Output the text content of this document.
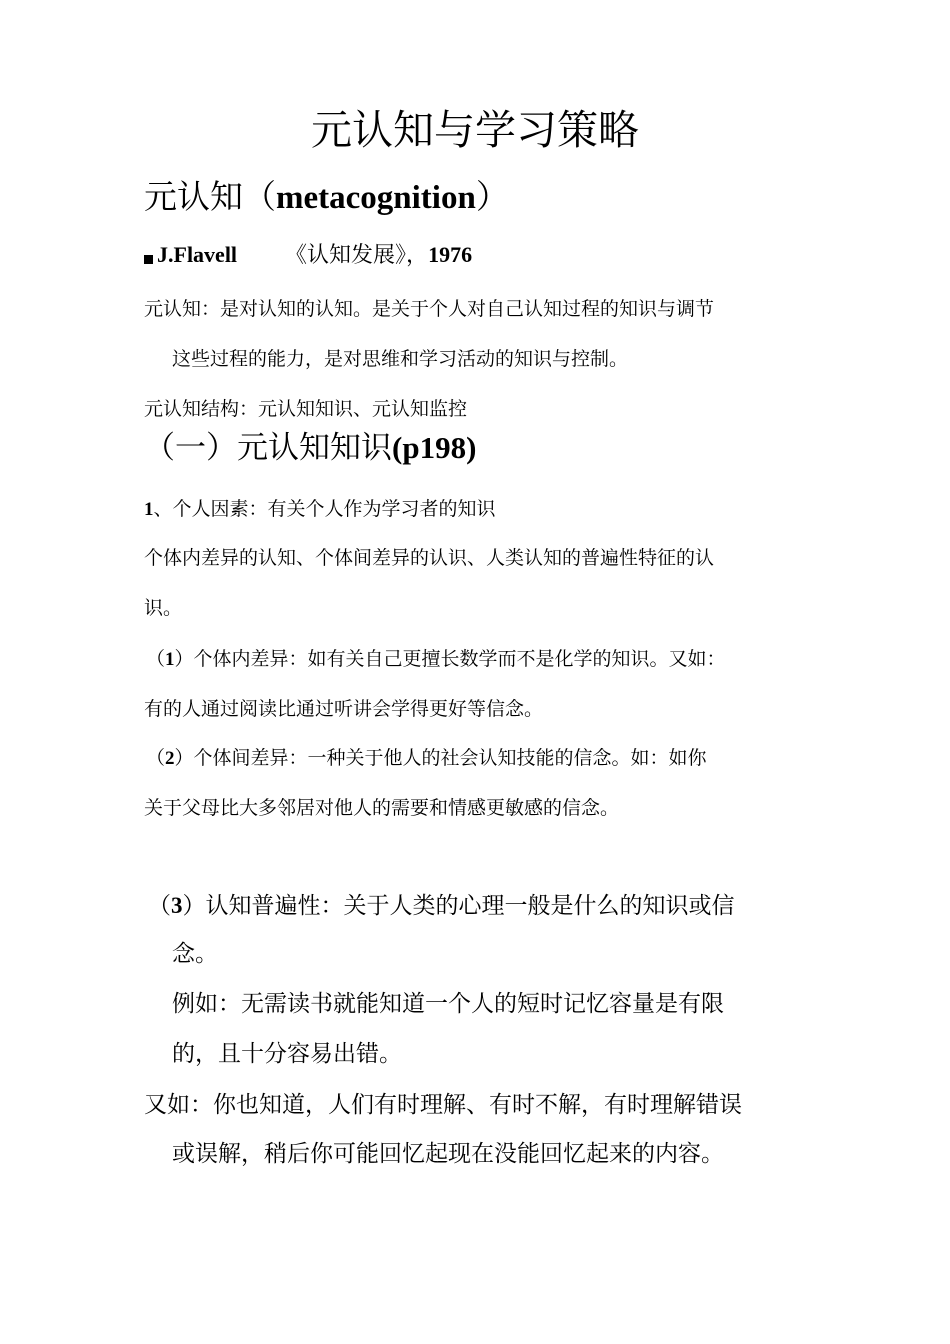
元认知与学习策略
元认知（metacognition）
J.Flavell 《认知发展》，1976
元认知：是对认知的认知。是关于个人对自己认知过程的知识与调节
这些过程的能力，是对思维和学习活动的知识与控制。
元认知结构：元认知知识、元认知监控
（一）元认知知识(p198)
1、个人因素：有关个人作为学习者的知识
个体内差异的认知、个体间差异的认识、人类认知的普遍性特征的认
识。
（1）个体内差异：如有关自己更擅长数学而不是化学的知识。又如：
有的人通过阅读比通过听讲会学得更好等信念。
（2）个体间差异：一种关于他人的社会认知技能的信念。如：如你
关于父母比大多邻居对他人的需要和情感更敏感的信念。
（3）认知普遍性：关于人类的心理一般是什么的知识或信
念。
例如：无需读书就能知道一个人的短时记忆容量是有限
的，且十分容易出错。
又如：你也知道，人们有时理解、有时不解，有时理解错误
或误解，稍后你可能回忆起现在没能回忆起来的内容。
